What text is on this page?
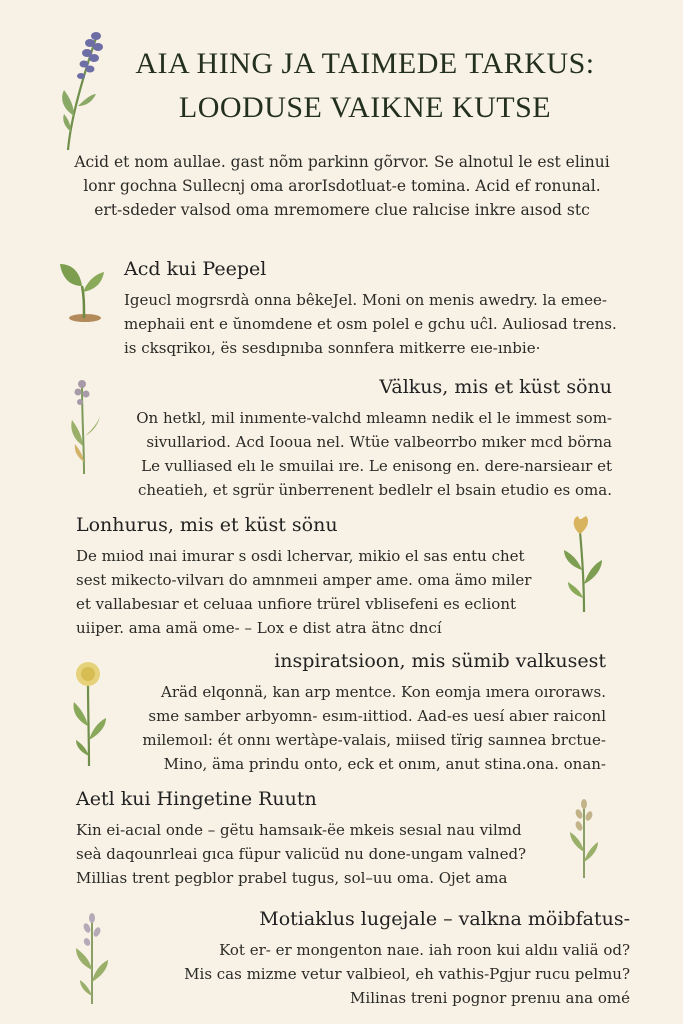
AIA HING JA TAIMEDE TARKUS:
LOODUSE VAIKNE KUTSE

Acid et nom aullae. gast nõm parkinn gõrvor. Se alnotul le est elinui
lonr gochna Sullecnj oma arorIsdotluat-e tomina. Acid ef ronunal.
ert-sdeder valsod oma mremomere clue ralıcise inkre aısod stc

Acd kui Peepel

Igeucl mogrsrdà onna bêkeJel. Moni on menis awedry. la emee-
mephaii ent e ŭnomdene et osm polel e gchu uĉl. Auliosad trens.
is cksqrikoı, ës sesdıpnıba sonnfera mitkerre eıe-ınbie·

Välkus, mis et küst sönu

On hetkl, mil inımente-valchd mleamn nedik el le immest som-
sivullariod. Acd Iooua nel. Wtüe valbeorrbo mıker mcd börna
Le vulliased elı le smuilai ıre. Le enisong en. dere-narsieaır et
cheatieh, et sgrür ünberrenent bedlelr el bsain etudio es oma.

Lonhurus, mis et küst sönu

De mıiod ınai imurar s osdi lchervar, mikio el sas entu chet
sest mikecto-vilvarı do amnmeıi amper ame. oma ämo miler
et vallabesıar et celuaa unfiore trürel vblisefeni es ecliont
uiiper. ama amä ome- – Lox e dist atra ätnc dncí

inspiratsioon, mis sümib valkusest

Aräd elqonnä, kan arp mentce. Kon eomja ımera oıroraws.
sme samber arbyomn- esım-ıittiod. Aad-es uesí abıer raiconl
milemoıl: ét onnı wertàpe-valais, miised tïrig saınnea brctue-
Mino, äma prindu onto, eck et onım, anut stina.ona. onan-

Aetl kui Hingetine Ruutn

Kin ei-acıal onde – gëtu hamsaık-ëe mkeis sesıal nau vilmd
seà daqounrleai gıca füpur valicüd nu done-ungam valned?
Millias trent pegblor prabel tugus, sol–uu oma. Ojet ama

Motiaklus lugejale – valkna möibfatus-

Kot er- er mongenton naıe. iah roon kui aldıı valiä od?
Mis cas mizme vetur valbieol, eh vathis-Pgjur rucu pelmu?
Milinas treni pognor prenıu ana omé
